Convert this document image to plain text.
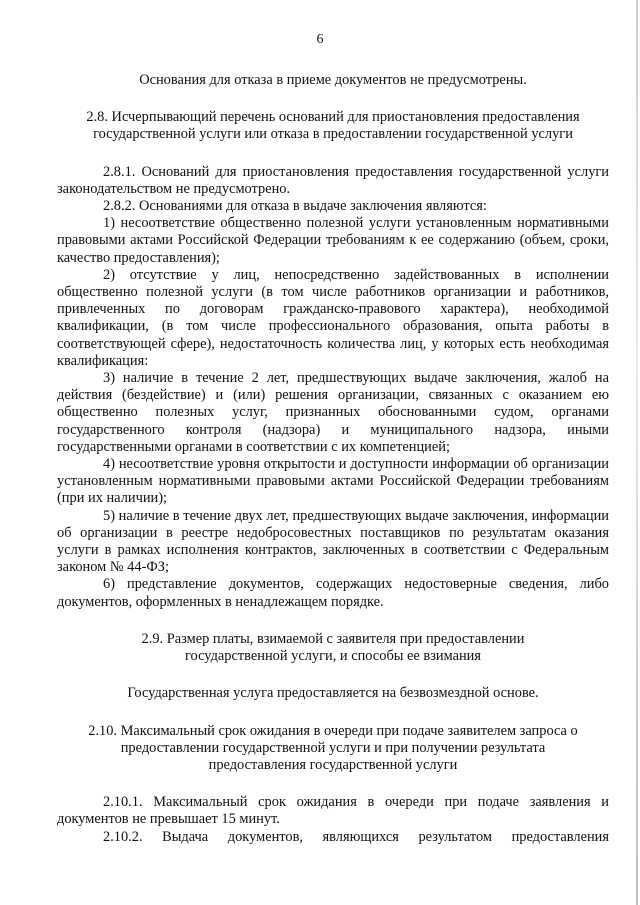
6

Основания для отказа в приеме документов не предусмотрены.

2.8. Исчерпывающий перечень оснований для приостановления предоставления государственной услуги или отказа в предоставлении государственной услуги

2.8.1. Оснований для приостановления предоставления государственной услуги законодательством не предусмотрено.

2.8.2. Основаниями для отказа в выдаче заключения являются:

1) несоответствие общественно полезной услуги установленным нормативными правовыми актами Российской Федерации требованиям к ее содержанию (объем, сроки, качество предоставления);

2) отсутствие у лиц, непосредственно задействованных в исполнении общественно полезной услуги (в том числе работников организации и работников, привлеченных по договорам гражданско-правового характера), необходимой квалификации, (в том числе профессионального образования, опыта работы в соответствующей сфере), недостаточность количества лиц, у которых есть необходимая квалификация:

3) наличие в течение 2 лет, предшествующих выдаче заключения, жалоб на действия (бездействие) и (или) решения организации, связанных с оказанием ею общественно полезных услуг, признанных обоснованными судом, органами государственного контроля (надзора) и муниципального надзора, иными государственными органами в соответствии с их компетенцией;

4) несоответствие уровня открытости и доступности информации об организации установленным нормативными правовыми актами Российской Федерации требованиям (при их наличии);

5) наличие в течение двух лет, предшествующих выдаче заключения, информации об организации в реестре недобросовестных поставщиков по результатам оказания услуги в рамках исполнения контрактов, заключенных в соответствии с Федеральным законом № 44-ФЗ;

6) представление документов, содержащих недостоверные сведения, либо документов, оформленных в ненадлежащем порядке.

2.9. Размер платы, взимаемой с заявителя при предоставлении государственной услуги, и способы ее взимания

Государственная услуга предоставляется на безвозмездной основе.

2.10. Максимальный срок ожидания в очереди при подаче заявителем запроса о предоставлении государственной услуги и при получении результата предоставления государственной услуги

2.10.1. Максимальный срок ожидания в очереди при подаче заявления и документов не превышает 15 минут.

2.10.2. Выдача документов, являющихся результатом предоставления
